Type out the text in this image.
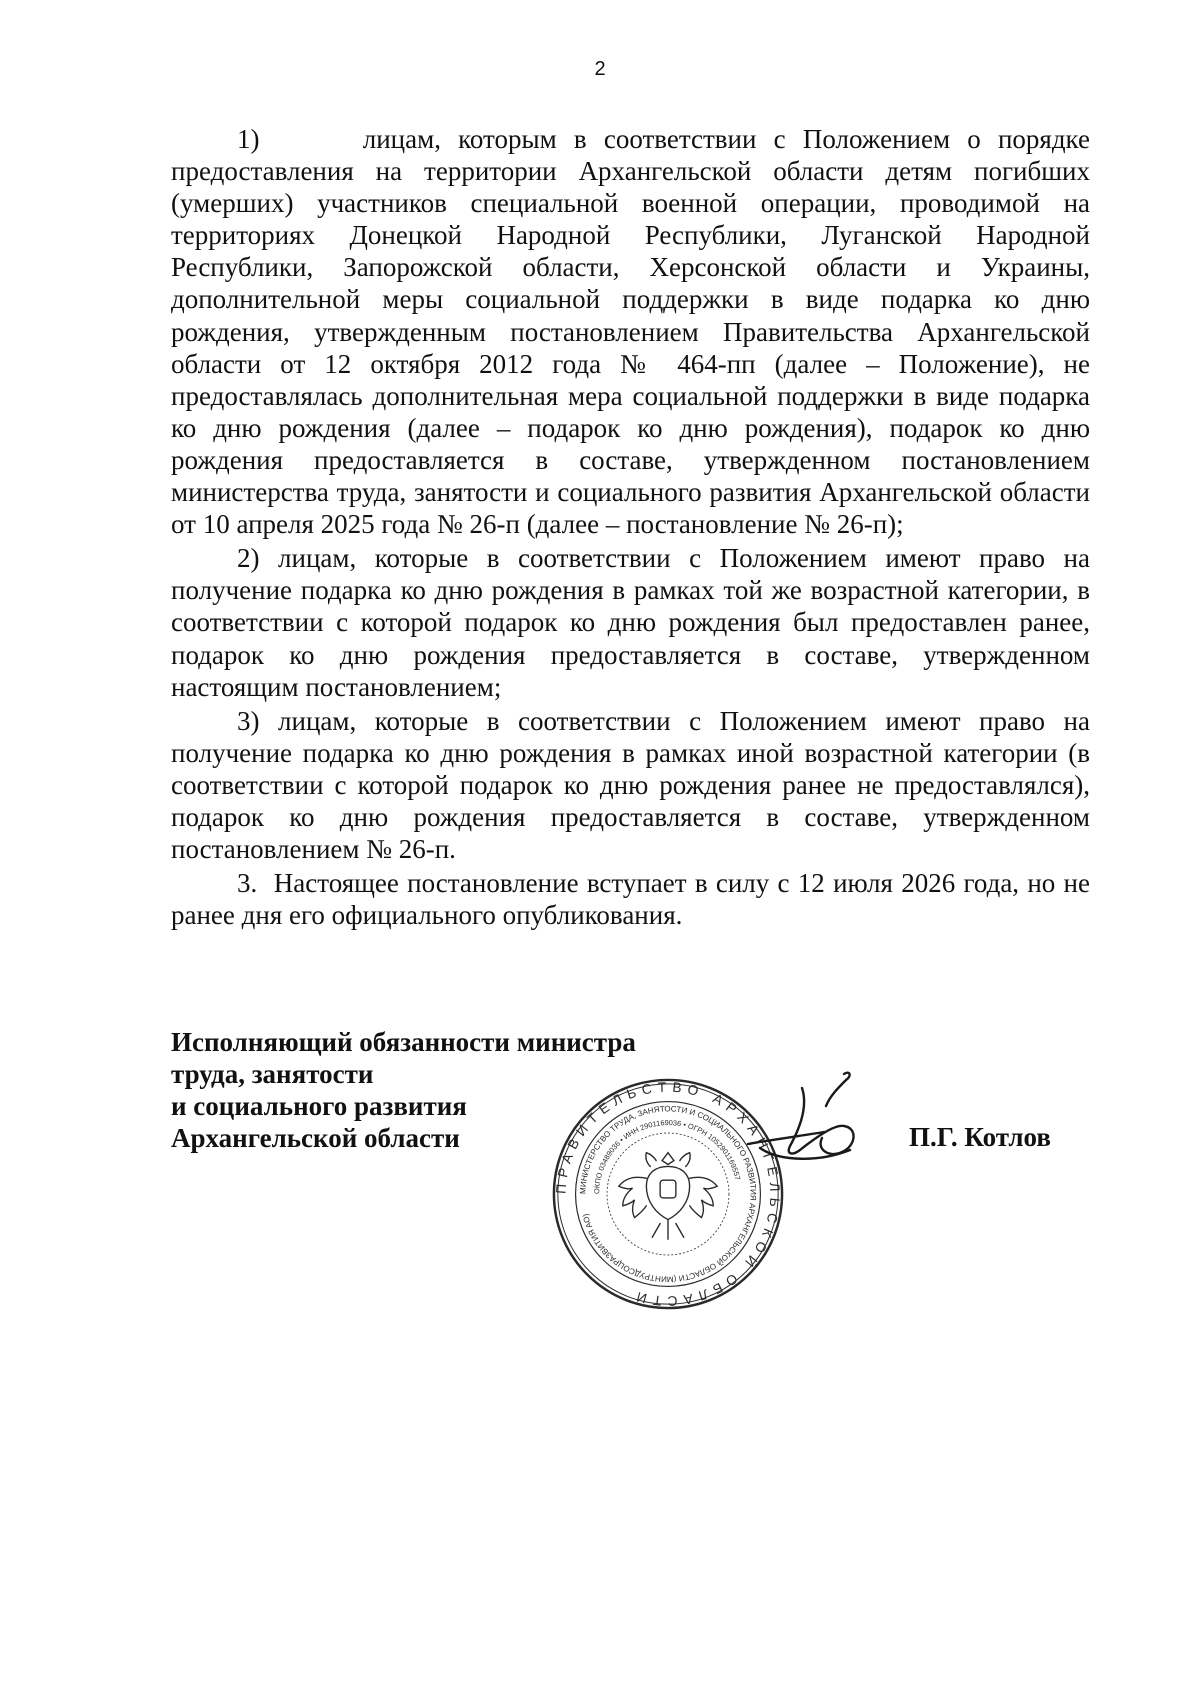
2

1)      лицам, которым в соответствии с Положением о порядке предоставления на территории Архангельской области детям погибших (умерших) участников специальной военной операции, проводимой на территориях Донецкой Народной Республики, Луганской Народной Республики, Запорожской области, Херсонской области и Украины, дополнительной меры социальной поддержки в виде подарка ко дню рождения, утвержденным постановлением Правительства Архангельской области от 12 октября 2012 года № 464-пп (далее – Положение), не предоставлялась дополнительная мера социальной поддержки в виде подарка ко дню рождения (далее – подарок ко дню рождения), подарок ко дню рождения предоставляется в составе, утвержденном постановлением министерства труда, занятости и социального развития Архангельской области от 10 апреля 2025 года № 26-п (далее – постановление № 26-п);

2) лицам, которые в соответствии с Положением имеют право на получение подарка ко дню рождения в рамках той же возрастной категории, в соответствии с которой подарок ко дню рождения был предоставлен ранее, подарок ко дню рождения предоставляется в составе, утвержденном настоящим постановлением;

3) лицам, которые в соответствии с Положением имеют право на получение подарка ко дню рождения в рамках иной возрастной категории (в соответствии с которой подарок ко дню рождения ранее не предоставлялся), подарок ко дню рождения предоставляется в составе, утвержденном постановлением № 26-п.

3.  Настоящее постановление вступает в силу с 12 июля 2026 года, но не ранее дня его официального опубликования.

Исполняющий обязанности министра
труда, занятости
и социального развития
Архангельской области	П.Г. Котлов
ПРАВИТЕЛЬСТВО АРХАНГЕЛЬСКОЙ ОБЛАСТИ
МИНИСТЕРСТВО ТРУДА, ЗАНЯТОСТИ И СОЦИАЛЬНОГО РАЗВИТИЯ АРХАНГЕЛЬСКОЙ ОБЛАСТИ (МИНТРУДСОЦРАЗВИТИЯ АО)
ОКПО 03489036 • ИНН 2901169036 • ОГРН 1052901169557
